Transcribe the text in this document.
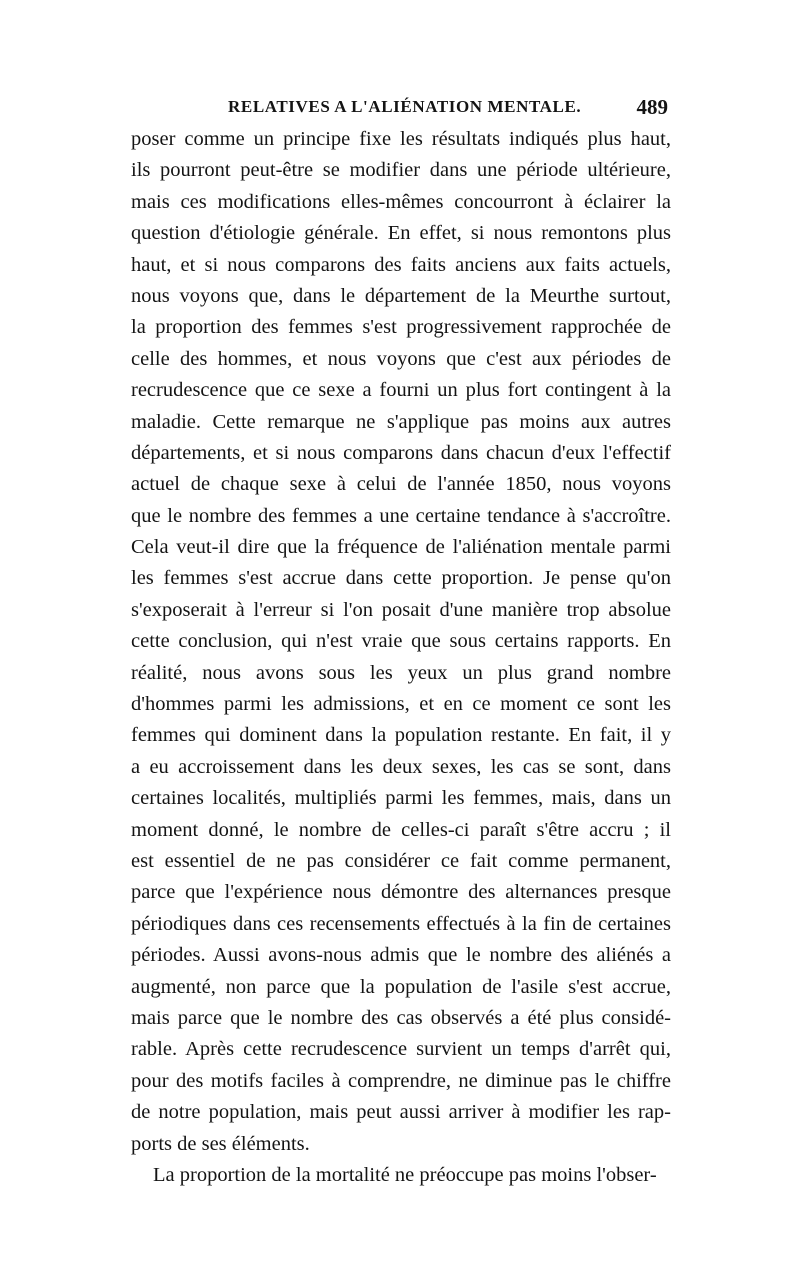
RELATIVES A L'ALIÉNATION MENTALE.	489
poser comme un principe fixe les résultats indiqués plus haut,
ils pourront peut-être se modifier dans une période ultérieure,
mais ces modifications elles-mêmes concourront à éclairer la
question d'étiologie générale. En effet, si nous remontons plus
haut, et si nous comparons des faits anciens aux faits actuels,
nous voyons que, dans le département de la Meurthe surtout,
la proportion des femmes s'est progressivement rapprochée de
celle des hommes, et nous voyons que c'est aux périodes de
recrudescence que ce sexe a fourni un plus fort contingent à la
maladie. Cette remarque ne s'applique pas moins aux autres
départements, et si nous comparons dans chacun d'eux l'effectif
actuel de chaque sexe à celui de l'année 1850, nous voyons
que le nombre des femmes a une certaine tendance à s'accroître.
Cela veut-il dire que la fréquence de l'aliénation mentale parmi
les femmes s'est accrue dans cette proportion. Je pense qu'on
s'exposerait à l'erreur si l'on posait d'une manière trop absolue
cette conclusion, qui n'est vraie que sous certains rapports. En
réalité, nous avons sous les yeux un plus grand nombre
d'hommes parmi les admissions, et en ce moment ce sont les
femmes qui dominent dans la population restante. En fait, il y
a eu accroissement dans les deux sexes, les cas se sont, dans
certaines localités, multipliés parmi les femmes, mais, dans un
moment donné, le nombre de celles-ci paraît s'être accru ; il
est essentiel de ne pas considérer ce fait comme permanent,
parce que l'expérience nous démontre des alternances presque
périodiques dans ces recensements effectués à la fin de certaines
périodes. Aussi avons-nous admis que le nombre des aliénés a
augmenté, non parce que la population de l'asile s'est accrue,
mais parce que le nombre des cas observés a été plus considé-
rable. Après cette recrudescence survient un temps d'arrêt qui,
pour des motifs faciles à comprendre, ne diminue pas le chiffre
de notre population, mais peut aussi arriver à modifier les rap-
ports de ses éléments.
La proportion de la mortalité ne préoccupe pas moins l'obser-
